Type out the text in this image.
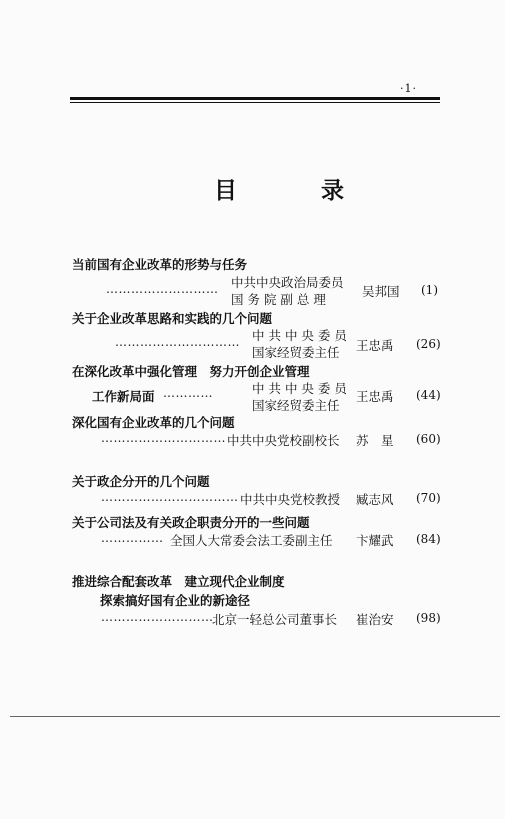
·1·
目 录
当前国有企业改革的形势与任务
……………………… 中共中央政治局委员
国 务 院 副 总 理
吴邦国 (1)
关于企业改革思路和实践的几个问题
………………………… 中 共 中 央 委 员
国家经贸委主任 王忠禹 (26)
在深化改革中强化管理　努力开创企业管理
工作新局面 …………	中 共 中 央 委 员
国家经贸委主任
王忠禹 (44)
深化国有企业改革的几个问题
………………………… 中共中央党校副校长 苏　星 (60)
关于政企分开的几个问题
…………………………… 中共中央党校教授 臧志风 (70)
关于公司法及有关政企职责分开的一些问题
…………… 全国人大常委会法工委副主任 卞耀武 (84)
推进综合配套改革　建立现代企业制度
探索搞好国有企业的新途径
………………………
北京一轻总公司董事长 崔治安 (98)
